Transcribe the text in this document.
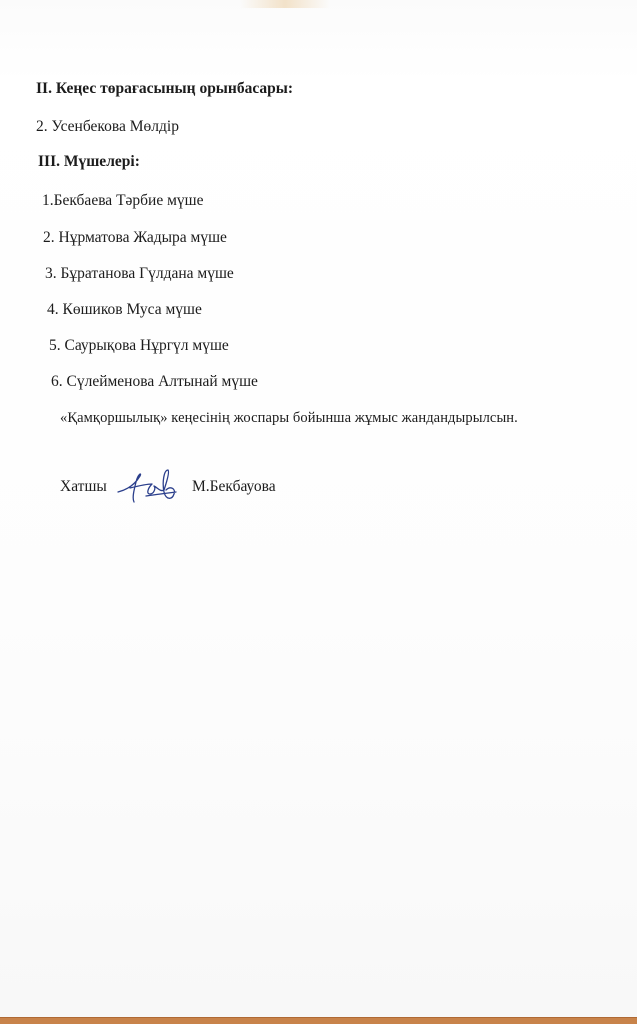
II. Кеңес төрағасының орынбасары:
2. Усенбекова Мөлдір
III. Мүшелері:
1.Бекбаева Тәрбие мүше
2. Нұрматова Жадыра мүше
3. Бұратанова Гүлдана мүше
4. Көшиков Муса мүше
5. Саурықова Нұргүл мүше
6. Сүлейменова Алтынай мүше
«Қамқоршылық» кеңесінің жоспары бойынша жұмыс жандандырылсын.
Хатшы	М.Бекбауова
